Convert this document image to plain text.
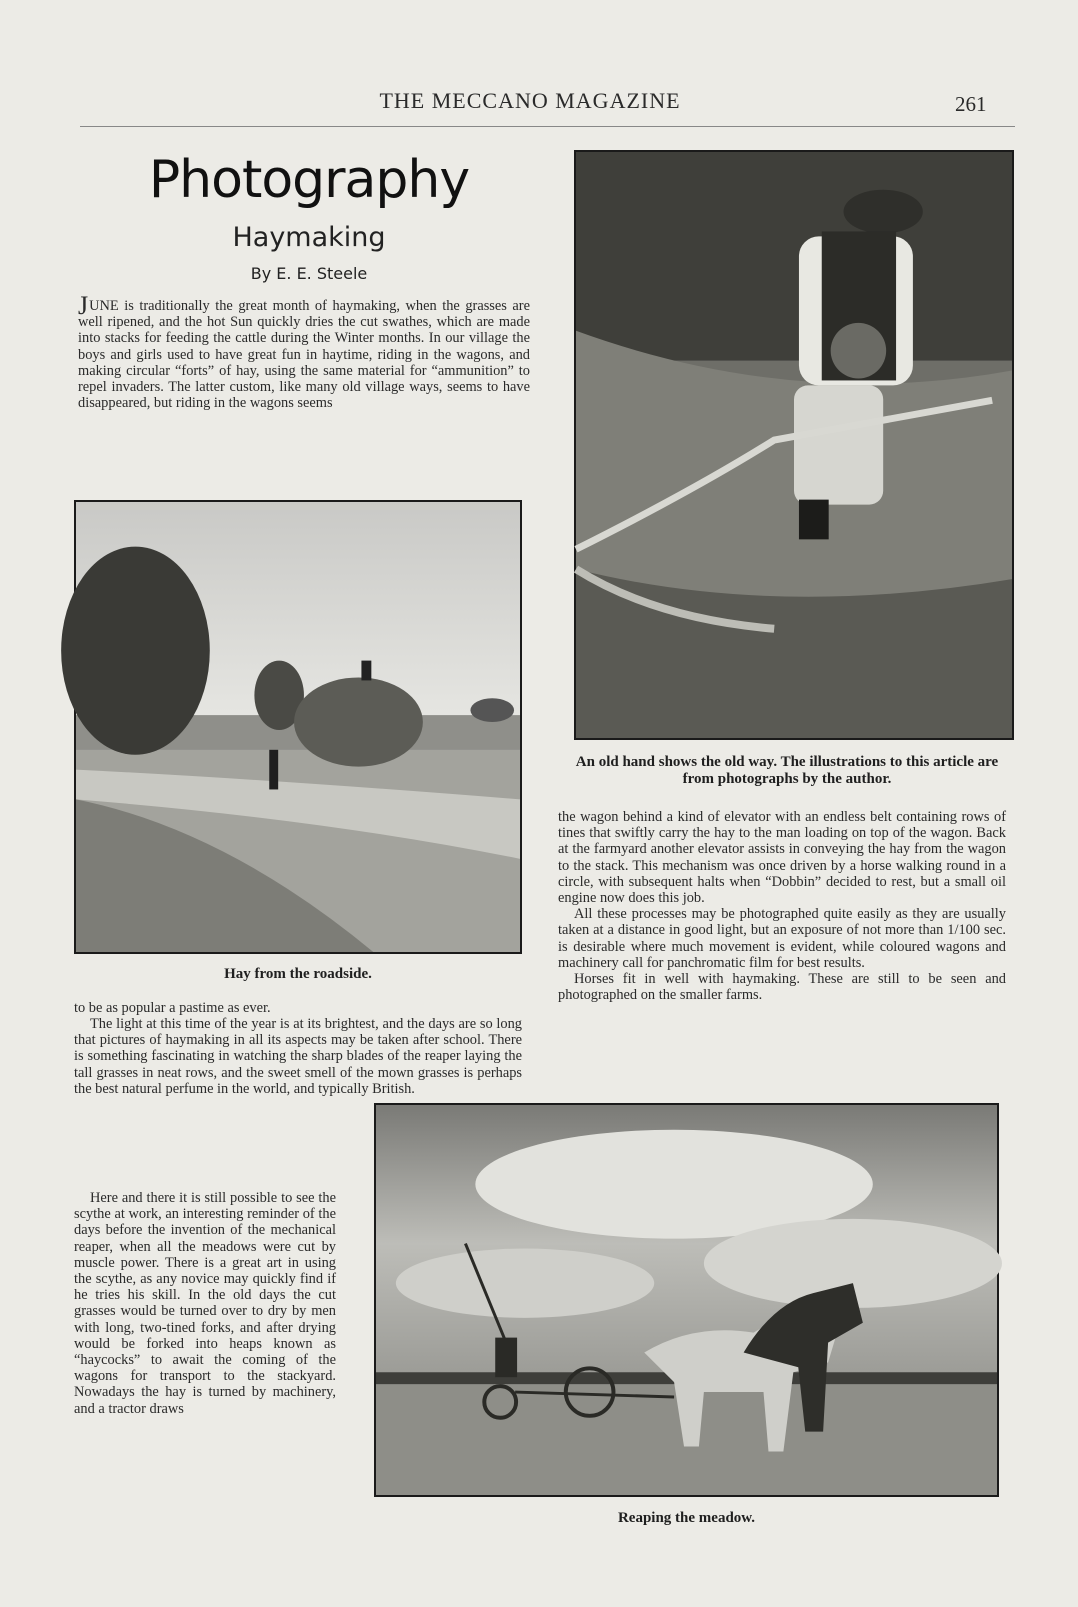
THE MECCANO MAGAZINE	261
Photography
Haymaking
By E. E. Steele

JUNE is traditionally the great month of haymaking, when the grasses are well ripened, and the hot Sun quickly dries the cut swathes, which are made into stacks for feeding the cattle during the Winter months. In our village the boys and girls used to have great fun in haytime, riding in the wagons, and making circular “forts” of hay, using the same material for “ammunition” to repel invaders. The latter custom, like many old village ways, seems to have disappeared, but riding in the wagons seems

Hay from the roadside.

to be as popular a pastime as ever.

The light at this time of the year is at its brightest, and the days are so long that pictures of haymaking in all its aspects may be taken after school. There is something fascinating in watching the sharp blades of the reaper laying the tall grasses in neat rows, and the sweet smell of the mown grasses is perhaps the best natural perfume in the world, and typically British.

Here and there it is still possible to see the scythe at work, an interesting reminder of the days before the invention of the mechanical reaper, when all the meadows were cut by muscle power. There is a great art in using the scythe, as any novice may quickly find if he tries his skill. In the old days the cut grasses would be turned over to dry by men with long, two-tined forks, and after drying would be forked into heaps known as “haycocks” to await the coming of the wagons for transport to the stackyard. Nowadays the hay is turned by machinery, and a tractor draws

An old hand shows the old way. The illustrations to this article are from photographs by the author.

the wagon behind a kind of elevator with an endless belt containing rows of tines that swiftly carry the hay to the man loading on top of the wagon. Back at the farmyard another elevator assists in conveying the hay from the wagon to the stack. This mechanism was once driven by a horse walking round in a circle, with subsequent halts when “Dobbin” decided to rest, but a small oil engine now does this job.

All these processes may be photographed quite easily as they are usually taken at a distance in good light, but an exposure of not more than 1/100 sec. is desirable where much movement is evident, while coloured wagons and machinery call for panchromatic film for best results.

Horses fit in well with haymaking. These are still to be seen and photographed on the smaller farms.

Reaping the meadow.
